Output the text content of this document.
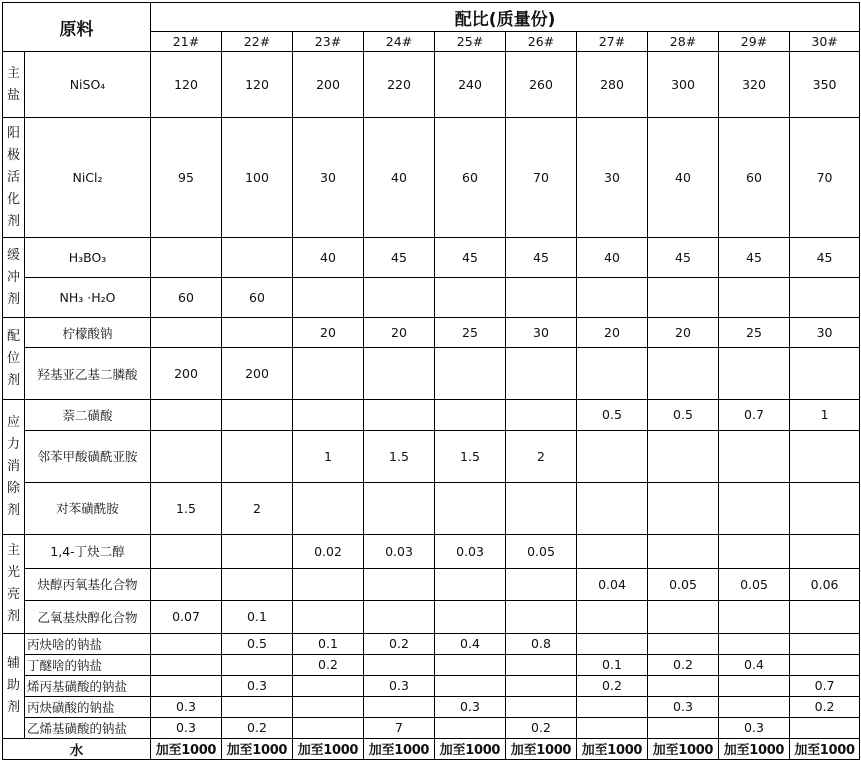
原料		配比(质量份)									
		21#	22#	23#	24#	25#	26#	27#	28#	29#	30#
主盐	NiSO₄	120	120	200	220	240	260	280	300	320	350
阳极活化剂	NiCl₂	95	100	30	40	60	70	30	40	60	70
缓冲剂	H₃BO₃			40	45	45	45	40	45	45	45
	NH₃ ·H₂O	60	60								
配位剂	柠檬酸钠			20	20	25	30	20	20	25	30
	羟基亚乙基二膦酸	200	200								
应力消除剂	萘二磺酸							0.5	0.5	0.7	1
	邻苯甲酸磺酰亚胺			1	1.5	1.5	2				
	对苯磺酰胺	1.5	2								
主光亮剂	1,4-丁炔二醇			0.02	0.03	0.03	0.05				
	炔醇丙氧基化合物							0.04	0.05	0.05	0.06
	乙氧基炔醇化合物	0.07	0.1								
辅助剂	丙炔啥的钠盐		0.5	0.1	0.2	0.4	0.8				
	丁醚啥的钠盐			0.2				0.1	0.2	0.4	
	烯丙基磺酸的钠盐		0.3		0.3			0.2			0.7
	丙炔磺酸的钠盐	0.3				0.3			0.3		0.2
	乙烯基磺酸的钠盐	0.3	0.2		7		0.2			0.3	
水		加至1000	加至1000	加至1000	加至1000	加至1000	加至1000	加至1000	加至1000	加至1000	加至1000
